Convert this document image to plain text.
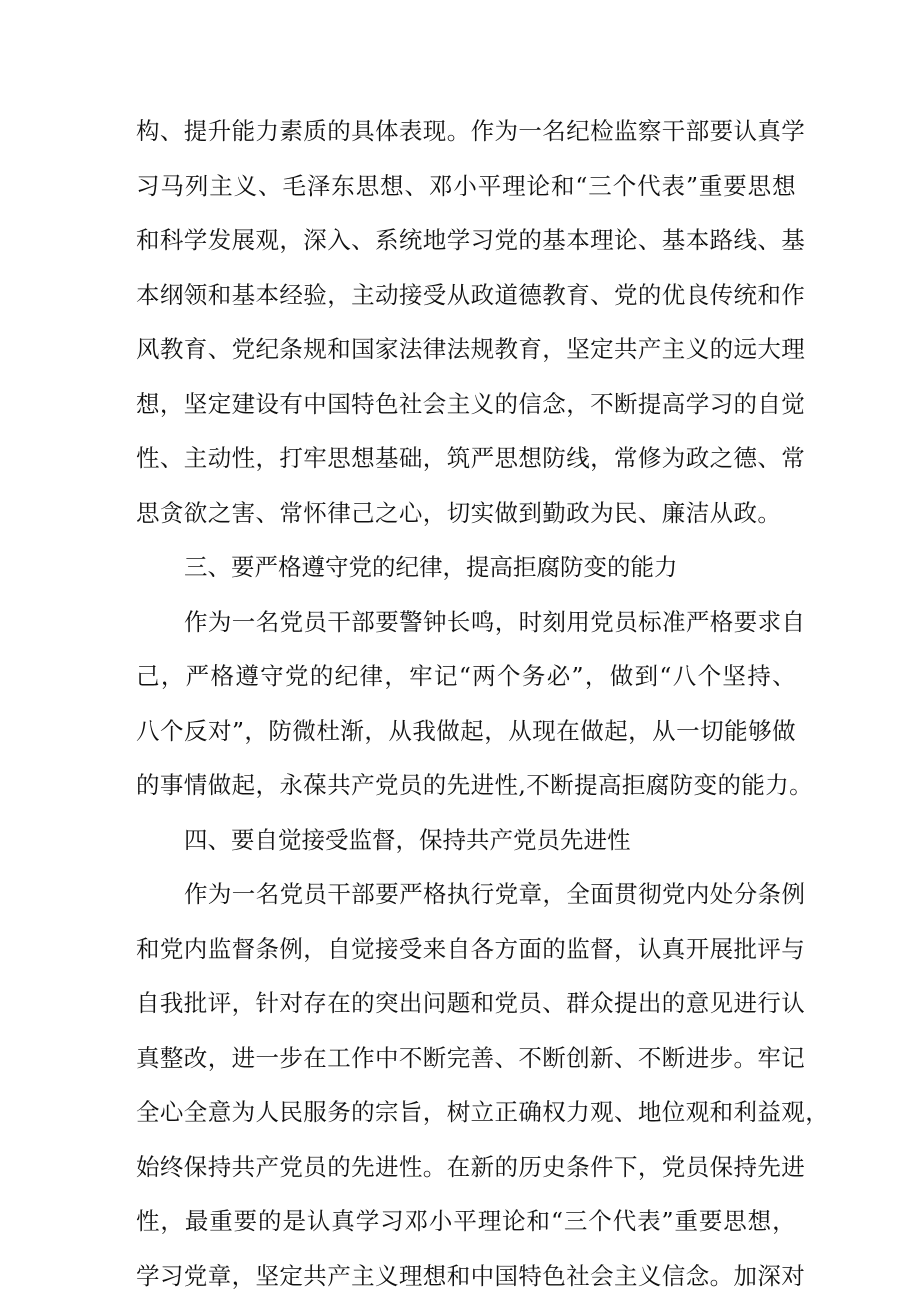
构、提升能力素质的具体表现。作为一名纪检监察干部要认真学
习马列主义、毛泽东思想、邓小平理论和“三个代表”重要思想
和科学发展观，深入、系统地学习党的基本理论、基本路线、基
本纲领和基本经验，主动接受从政道德教育、党的优良传统和作
风教育、党纪条规和国家法律法规教育，坚定共产主义的远大理
想，坚定建设有中国特色社会主义的信念，不断提高学习的自觉
性、主动性，打牢思想基础，筑严思想防线，常修为政之德、常
思贪欲之害、常怀律己之心，切实做到勤政为民、廉洁从政。
三、要严格遵守党的纪律，提高拒腐防变的能力
作为一名党员干部要警钟长鸣，时刻用党员标准严格要求自
己，严格遵守党的纪律，牢记“两个务必”，做到“八个坚持、
八个反对”，防微杜渐，从我做起，从现在做起，从一切能够做
的事情做起，永葆共产党员的先进性,不断提高拒腐防变的能力。
四、要自觉接受监督，保持共产党员先进性
作为一名党员干部要严格执行党章，全面贯彻党内处分条例
和党内监督条例，自觉接受来自各方面的监督，认真开展批评与
自我批评，针对存在的突出问题和党员、群众提出的意见进行认
真整改，进一步在工作中不断完善、不断创新、不断进步。牢记
全心全意为人民服务的宗旨，树立正确权力观、地位观和利益观，
始终保持共产党员的先进性。在新的历史条件下，党员保持先进
性，最重要的是认真学习邓小平理论和“三个代表”重要思想，
学习党章，坚定共产主义理想和中国特色社会主义信念。加深对
